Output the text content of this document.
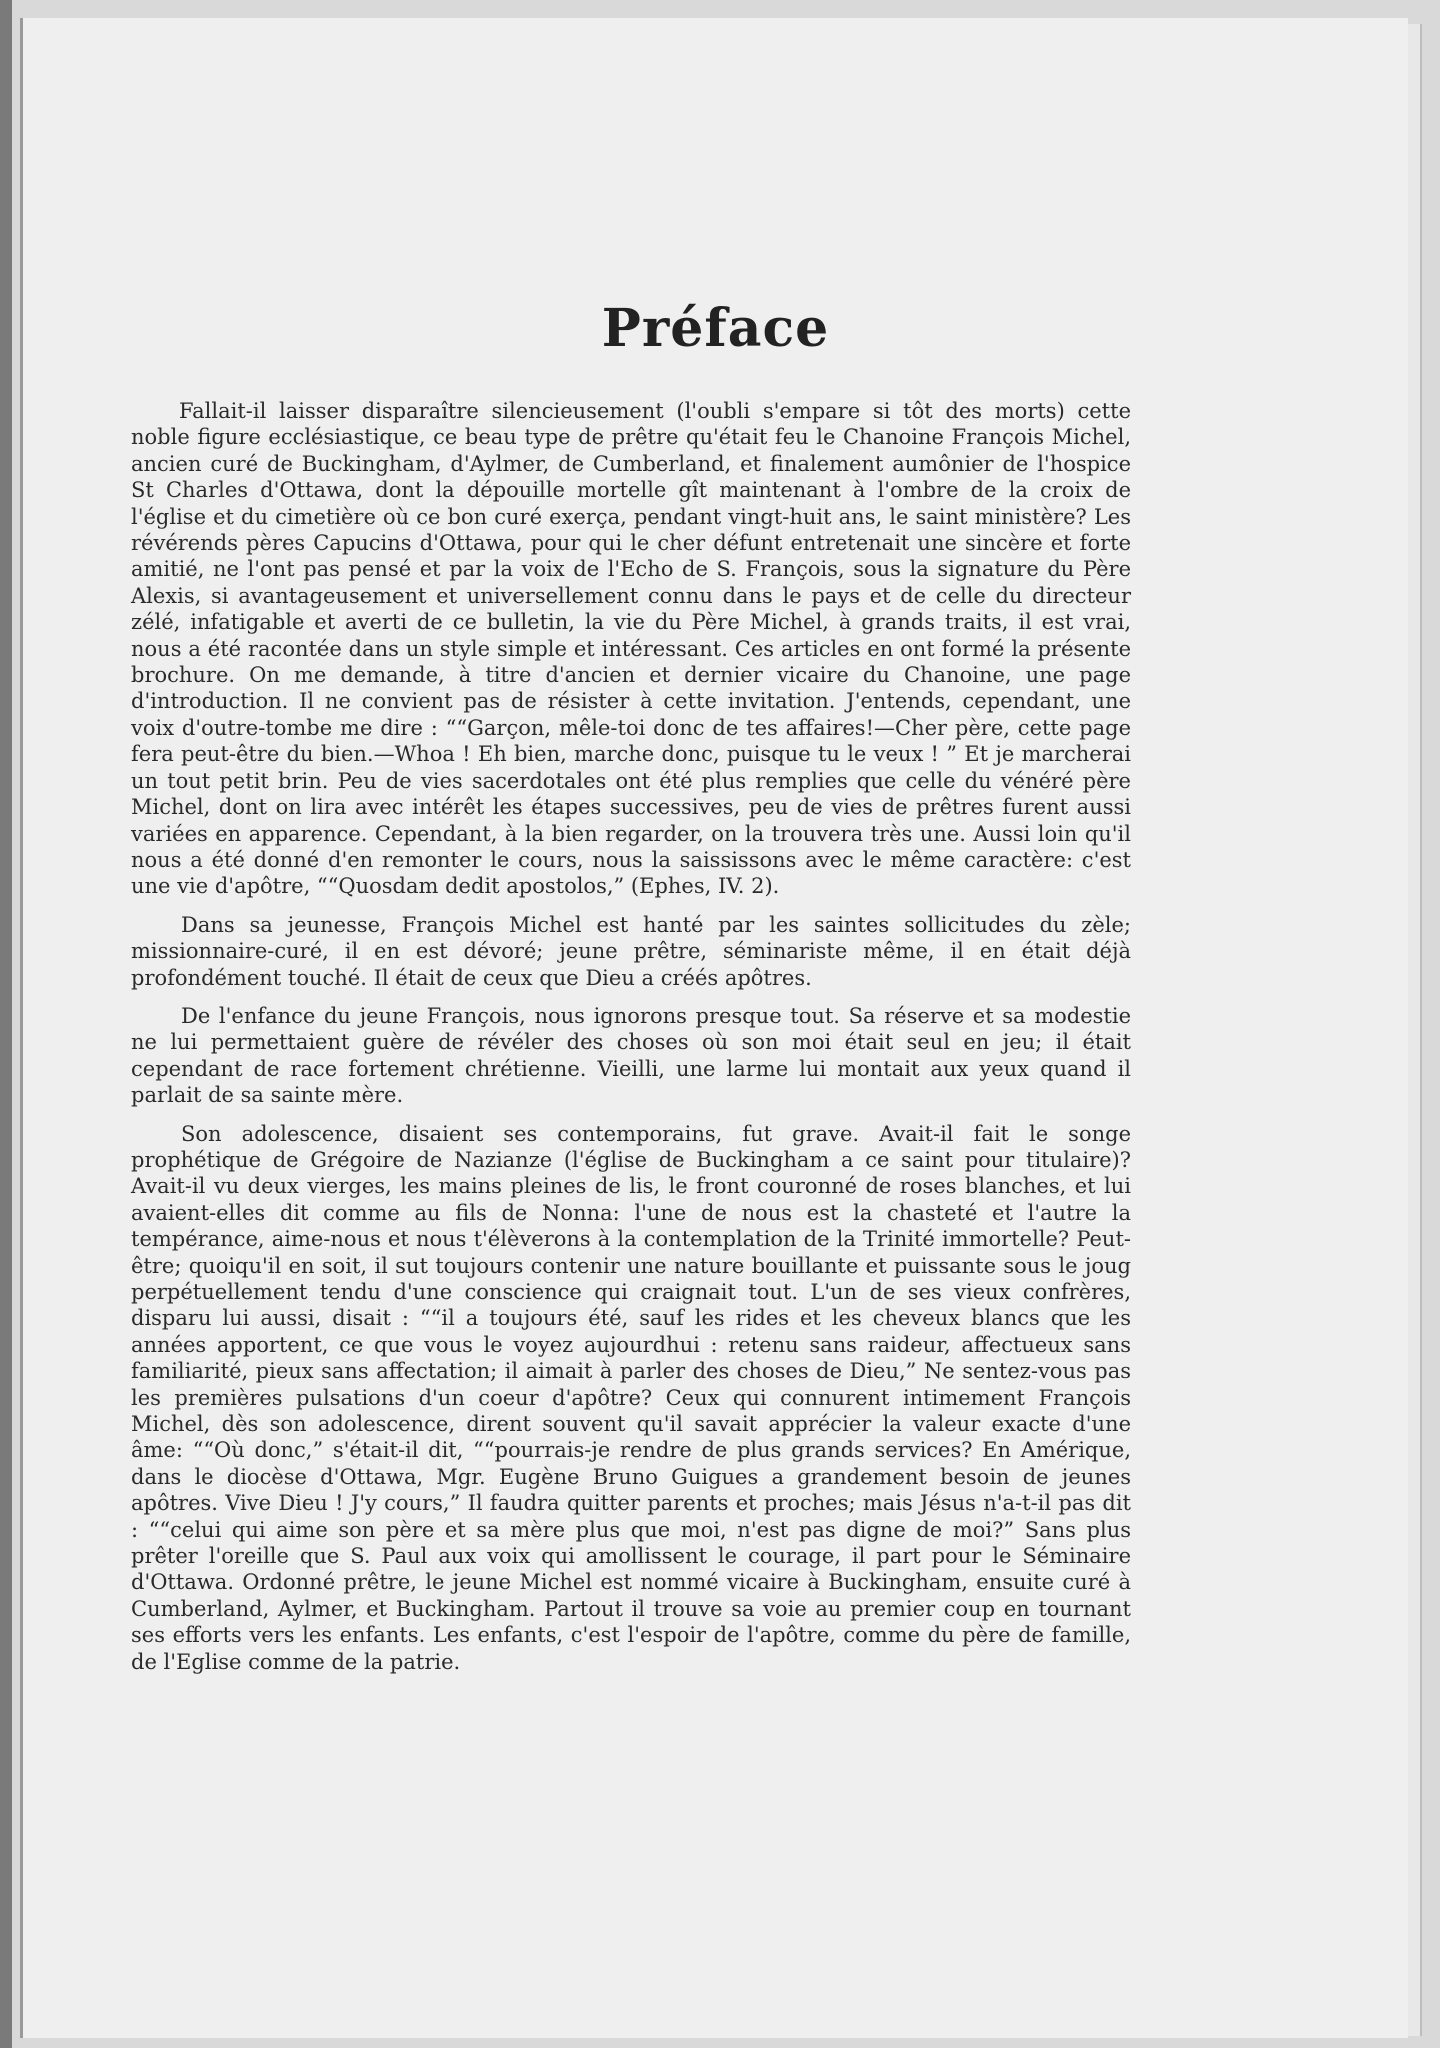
Préface

Fallait-il laisser disparaître silencieusement (l'oubli s'empare si tôt des morts) cette noble figure ecclésiastique, ce beau type de prêtre qu'était feu le Chanoine François Michel, ancien curé de Buckingham, d'Aylmer, de Cumberland, et finalement aumônier de l'hospice St Charles d'Ottawa, dont la dépouille mortelle gît maintenant à l'ombre de la croix de l'église et du cimetière où ce bon curé exerça, pendant vingt-huit ans, le saint ministère? Les révérends pères Capucins d'Ottawa, pour qui le cher défunt entretenait une sincère et forte amitié, ne l'ont pas pensé et par la voix de l'Echo de S. François, sous la signature du Père Alexis, si avantageusement et universellement connu dans le pays et de celle du directeur zélé, infatigable et averti de ce bulletin, la vie du Père Michel, à grands traits, il est vrai, nous a été racontée dans un style simple et intéressant. Ces articles en ont formé la présente brochure. On me demande, à titre d'ancien et dernier vicaire du Chanoine, une page d'introduction. Il ne convient pas de résister à cette invitation. J'entends, cependant, une voix d'outre-tombe me dire : ““Garçon, mêle-toi donc de tes affaires!—Cher père, cette page fera peut-être du bien.—Whoa ! Eh bien, marche donc, puisque tu le veux ! ” Et je marcherai un tout petit brin. Peu de vies sacerdotales ont été plus remplies que celle du vénéré père Michel, dont on lira avec intérêt les étapes successives, peu de vies de prêtres furent aussi variées en apparence. Cependant, à la bien regarder, on la trouvera très une. Aussi loin qu'il nous a été donné d'en remonter le cours, nous la saississons avec le même caractère: c'est une vie d'apôtre, ““Quosdam dedit apostolos,” (Ephes, IV. 2).

Dans sa jeunesse, François Michel est hanté par les saintes sollicitudes du zèle; missionnaire-curé, il en est dévoré; jeune prêtre, séminariste même, il en était déjà profondément touché. Il était de ceux que Dieu a créés apôtres.

De l'enfance du jeune François, nous ignorons presque tout. Sa réserve et sa modestie ne lui permettaient guère de révéler des choses où son moi était seul en jeu; il était cependant de race fortement chrétienne. Vieilli, une larme lui montait aux yeux quand il parlait de sa sainte mère.

Son adolescence, disaient ses contemporains, fut grave. Avait-il fait le songe prophétique de Grégoire de Nazianze (l'église de Buckingham a ce saint pour titulaire)? Avait-il vu deux vierges, les mains pleines de lis, le front couronné de roses blanches, et lui avaient-elles dit comme au fils de Nonna: l'une de nous est la chasteté et l'autre la tempérance, aime-nous et nous t'élèverons à la contemplation de la Trinité immortelle? Peut-être; quoiqu'il en soit, il sut toujours contenir une nature bouillante et puissante sous le joug perpétuellement tendu d'une conscience qui craignait tout. L'un de ses vieux confrères, disparu lui aussi, disait : ““il a toujours été, sauf les rides et les cheveux blancs que les années apportent, ce que vous le voyez aujourdhui : retenu sans raideur, affectueux sans familiarité, pieux sans affectation; il aimait à parler des choses de Dieu,” Ne sentez-vous pas les premières pulsations d'un coeur d'apôtre? Ceux qui connurent intimement François Michel, dès son adolescence, dirent souvent qu'il savait apprécier la valeur exacte d'une âme: ““Où donc,” s'était-il dit, ““pourrais-je rendre de plus grands services? En Amérique, dans le diocèse d'Ottawa, Mgr. Eugène Bruno Guigues a grandement besoin de jeunes apôtres. Vive Dieu ! J'y cours,” Il faudra quitter parents et proches; mais Jésus n'a-t-il pas dit : ““celui qui aime son père et sa mère plus que moi, n'est pas digne de moi?” Sans plus prêter l'oreille que S. Paul aux voix qui amollissent le courage, il part pour le Séminaire d'Ottawa. Ordonné prêtre, le jeune Michel est nommé vicaire à Buckingham, ensuite curé à Cumberland, Aylmer, et Buckingham. Partout il trouve sa voie au premier coup en tournant ses efforts vers les enfants. Les enfants, c'est l'espoir de l'apôtre, comme du père de famille, de l'Eglise comme de la patrie.
